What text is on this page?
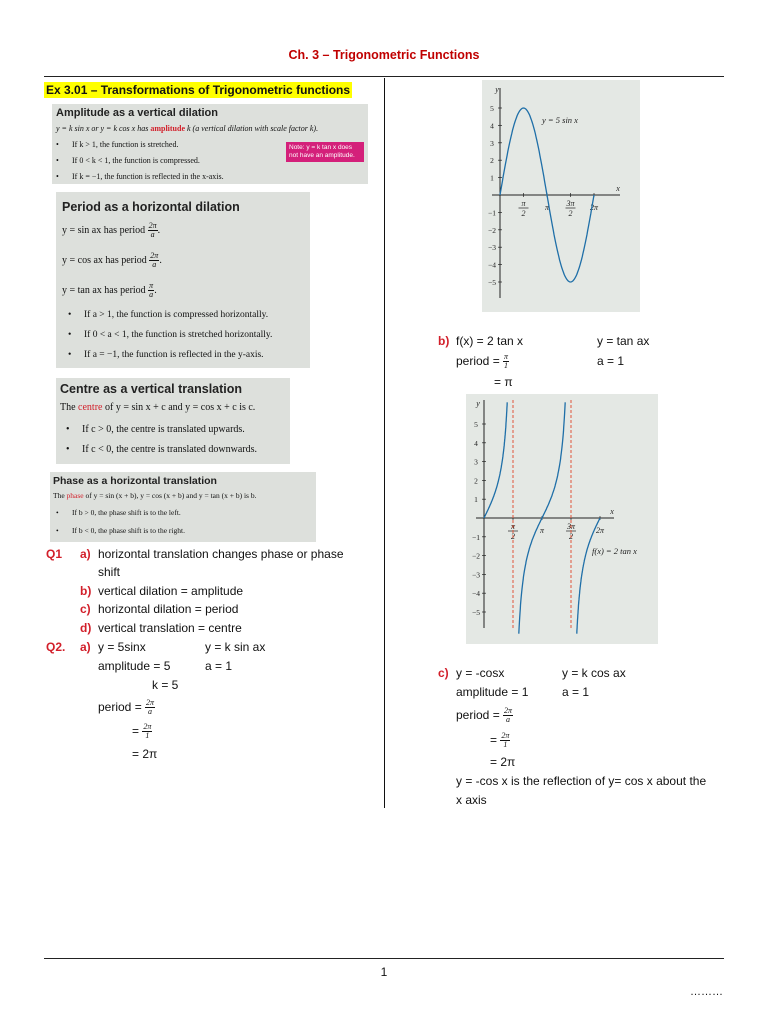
Ch. 3 – Trigonometric Functions
Ex 3.01 – Transformations of Trigonometric functions
Amplitude as a vertical dilation
y = k sin x or y = k cos x has amplitude k (a vertical dilation with scale factor k).
• If k > 1, the function is stretched.
• If 0 < k < 1, the function is compressed.
• If k = −1, the function is reflected in the x-axis.
Note: y = k tan x does not have an amplitude.
Period as a horizontal dilation
y = sin ax has period $\frac{2\pi}{a}$ .
y = cos ax has period $\frac{2\pi}{a}$ .
y = tan ax has period $\frac{\pi}{a}$ .
• If a > 1, the function is compressed horizontally.
• If 0 < a < 1, the function is stretched horizontally.
• If a = −1, the function is reflected in the y-axis.
Centre as a vertical translation
The centre of y = sin x + c and y = cos x + c is c.
• If c > 0, the centre is translated upwards.
• If c < 0, the centre is translated downwards.
Phase as a horizontal translation
The phase of y = sin (x + b), y = cos (x + b) and y = tan (x + b) is b.
• If b > 0, the phase shift is to the left.
• If b < 0, the phase shift is to the right.
Q1 a) horizontal translation changes phase or phase
shift
b) vertical dilation = amplitude
c) horizontal dilation = period
d) vertical translation = centre
Q2. a) y = 5sinx	y = k sin ax
amplitude = 5	a = 1
k = 5
period = $\frac{2\pi}{a}$
= $\frac{2\pi}{1}$
= 2π
y
x
5
4
3
2
1
−1
−2
−3
−4
−5
π
2
π 3π
2
2π
y = 5 sin x
b) f(x) = 2 tan x	y = tan ax
period = $\frac{\pi}{1}$	a = 1
= π
y
x
5
4
3
2
1
−1
−2
−3
−4
−5
π
2
π	3π
2
2π
f(x) = 2 tan x
c) y = -cosx	y = k cos ax
amplitude = 1	a = 1
period = $\frac{2\pi}{a}$
= $\frac{2\pi}{1}$
= 2π
y = -cos x is the reflection of y= cos x about the
x axis
1
………
